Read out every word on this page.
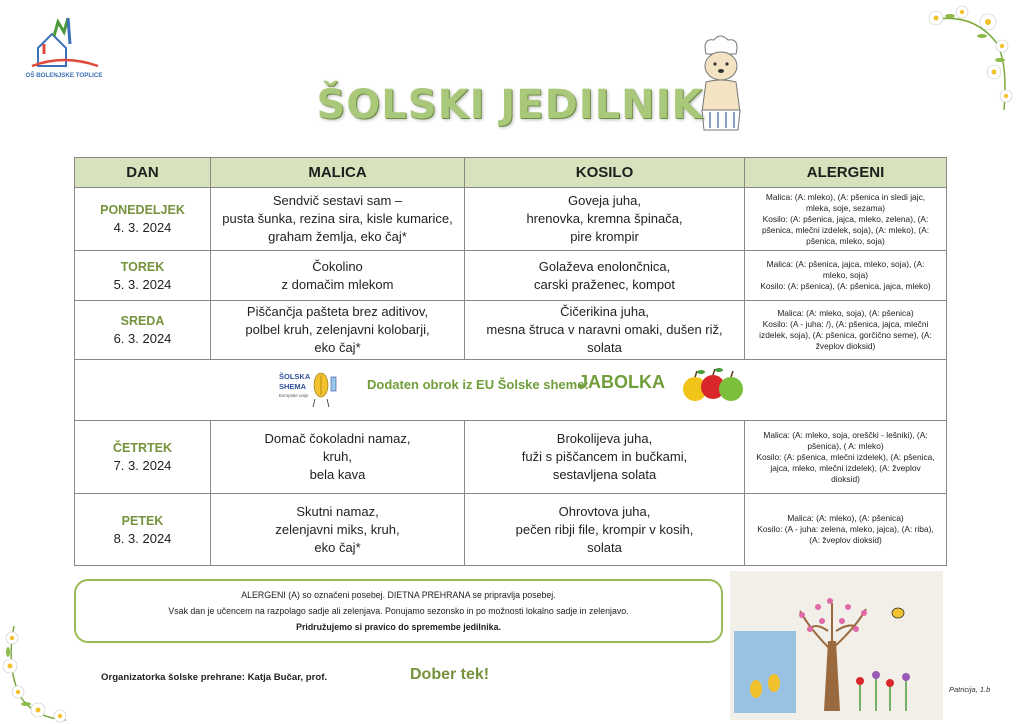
OŠ BOLENJSKE TOPLICE
ŠOLSKI JEDILNIK
DAN	MALICA	KOSILO	ALERGENI

PONEDELJEK
4. 3. 2024	Sendvič sestavi sam –
pusta šunka, rezina sira, kisle kumarice,
graham žemlja, eko čaj*	Goveja juha,
hrenovka, kremna špinača,
pire krompir	Malica: (A: mleko), (A: pšenica in sledi jajc,
mleka, soje, sezama)
Kosilo: (A: pšenica, jajca, mleko, zelena), (A:
pšenica, mlečni izdelek, soja), (A: mleko), (A:
pšenica, mleko, soja)

TOREK
5. 3. 2024	Čokolino
z domačim mlekom	Golaževa enolončnica,
carski praženec, kompot	Malica: (A: pšenica, jajca, mleko, soja), (A:
mleko, soja)
Kosilo: (A: pšenica), (A: pšenica, jajca, mleko)

SREDA
6. 3. 2024	Piščančja pašteta brez aditivov,
polbel kruh, zelenjavni kolobarji,
eko čaj*	Čičerikina juha,
mesna štruca v naravni omaki, dušen riž,
solata	Malica: (A: mleko, soja), (A: pšenica)
Kosilo: (A - juha: /), (A: pšenica, jajca, mlečni
izdelek, soja), (A: pšenica, gorčično seme), (A:
žveplov dioksid)

ŠOLSKA
SHEMA
Evropske unije
Dodaten obrok iz EU Šolske sheme:
JABOLKA			

ČETRTEK
7. 3. 2024	Domač čokoladni namaz,
kruh,
bela kava	Brokolijeva juha,
fuži s piščancem in bučkami,
sestavljena solata	Malica: (A: mleko, soja, oreščki - lešniki), (A:
pšenica), ( A: mleko)
Kosilo: (A: pšenica, mlečni izdelek), (A: pšenica,
jajca, mleko, mlečni izdelek), (A: žveplov
dioksid)

PETEK
8. 3. 2024	Skutni namaz,
zelenjavni miks, kruh,
eko čaj*	Ohrovtova juha,
pečen ribji file, krompir v kosih,
solata	Malica: (A: mleko), (A: pšenica)
Kosilo: (A - juha: zelena, mleko, jajca), (A: riba),
(A: žveplov dioksid)
ALERGENI (A) so označeni posebej. DIETNA PREHRANA se pripravlja posebej.
Vsak dan je učencem na razpolago sadje ali zelenjava. Ponujamo sezonsko in po možnosti lokalno sadje in zelenjavo.
Pridružujemo si pravico do spremembe jedilnika.
Organizatorka šolske prehrane: Katja Bučar, prof.	Dober tek!
Patricija, 1.b
